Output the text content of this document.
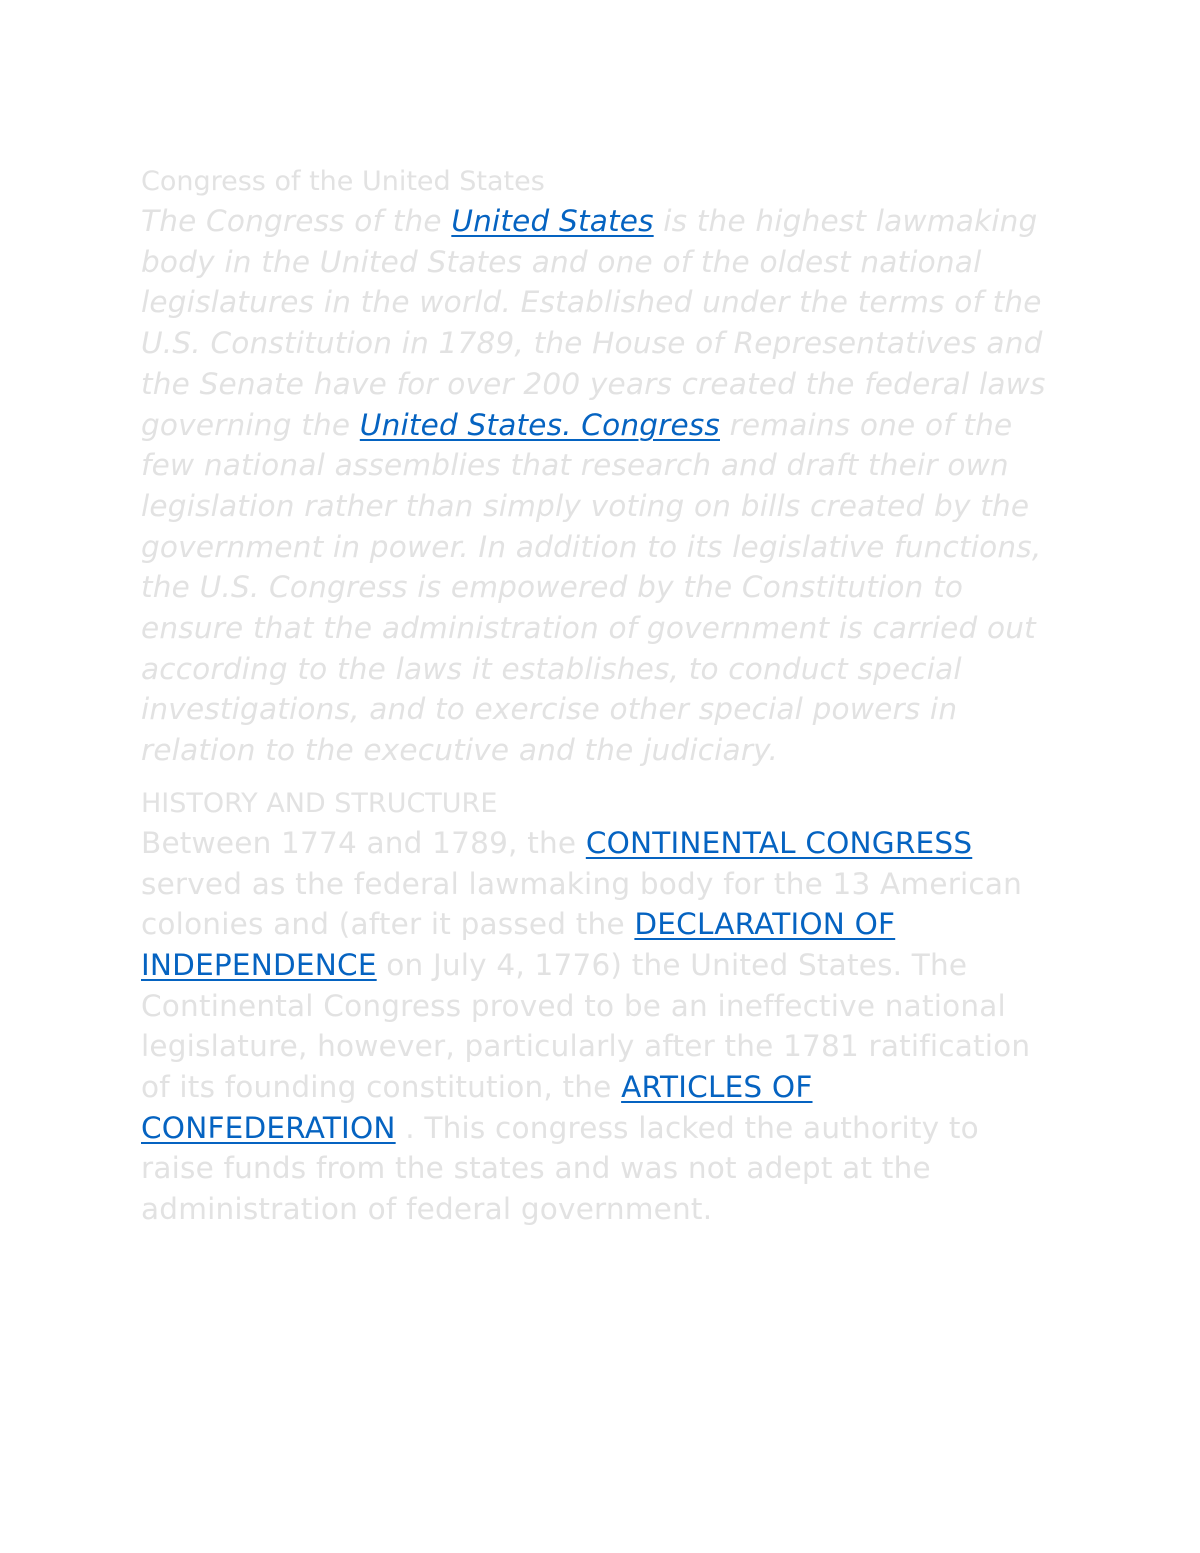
Congress of the United States

The Congress of the United States is the highest lawmaking body in the United States and one of the oldest national legislatures in the world. Established under the terms of the U.S. Constitution in 1789, the House of Representatives and the Senate have for over 200 years created the federal laws governing the United States. Congress remains one of the few national assemblies that research and draft their own legislation rather than simply voting on bills created by the government in power. In addition to its legislative functions, the U.S. Congress is empowered by the Constitution to ensure that the administration of government is carried out according to the laws it establishes, to conduct special investigations, and to exercise other special powers in relation to the executive and the judiciary.

HISTORY AND STRUCTURE

Between 1774 and 1789, the CONTINENTAL CONGRESS served as the federal lawmaking body for the 13 American colonies and (after it passed the DECLARATION OF INDEPENDENCE on July 4, 1776) the United States. The Continental Congress proved to be an ineffective national legislature, however, particularly after the 1781 ratification of its founding constitution, the ARTICLES OF CONFEDERATION . This congress lacked the authority to raise funds from the states and was not adept at the administration of federal government.
